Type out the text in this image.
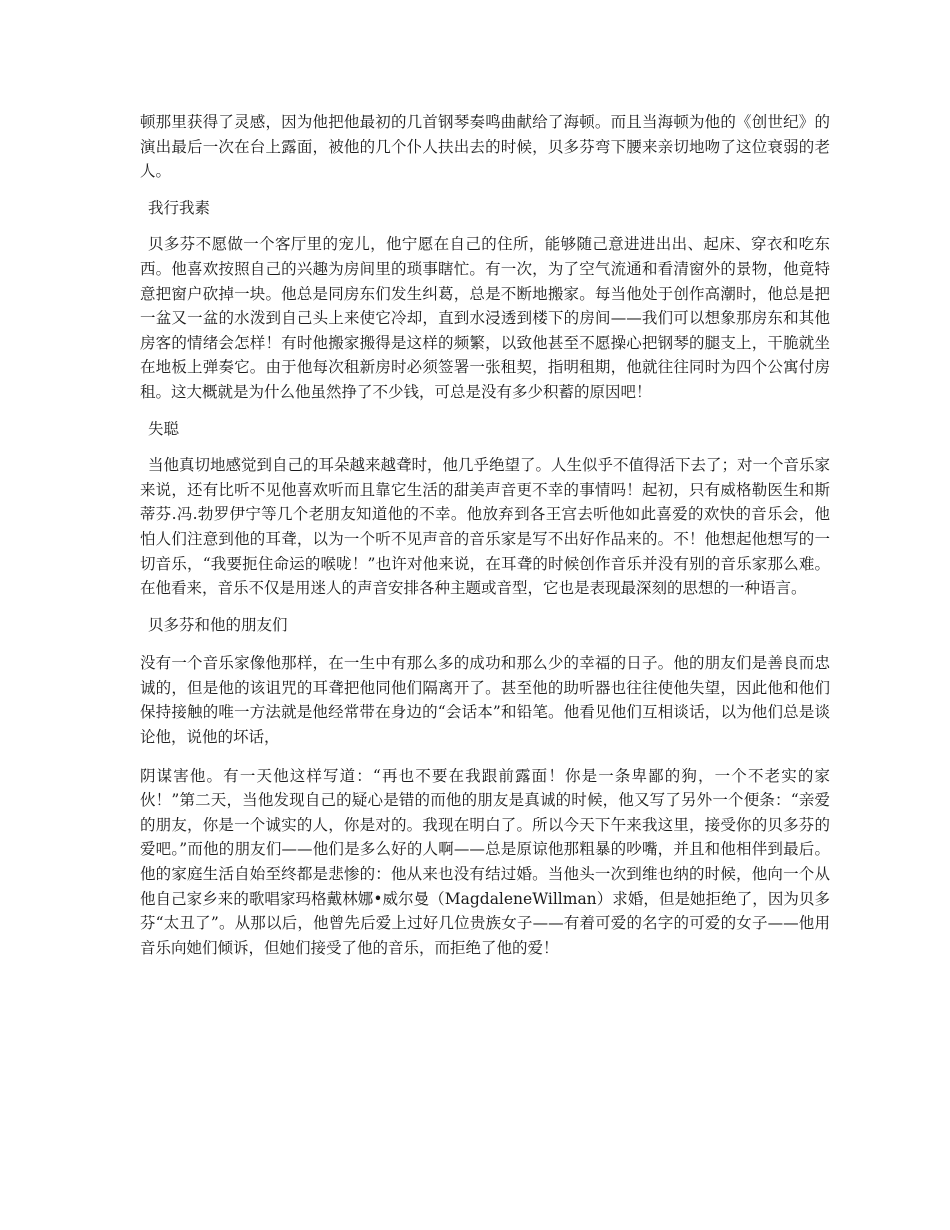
顿那里获得了灵感，因为他把他最初的几首钢琴奏鸣曲献给了海顿。而且当海顿为他的《创世纪》的演出最后一次在台上露面，被他的几个仆人扶出去的时候，贝多芬弯下腰来亲切地吻了这位衰弱的老人。

我行我素

贝多芬不愿做一个客厅里的宠儿，他宁愿在自己的住所，能够随己意进进出出、起床、穿衣和吃东西。他喜欢按照自己的兴趣为房间里的琐事瞎忙。有一次，为了空气流通和看清窗外的景物，他竟特意把窗户砍掉一块。他总是同房东们发生纠葛，总是不断地搬家。每当他处于创作高潮时，他总是把一盆又一盆的水泼到自己头上来使它冷却，直到水浸透到楼下的房间——我们可以想象那房东和其他房客的情绪会怎样！有时他搬家搬得是这样的频繁，以致他甚至不愿操心把钢琴的腿支上，干脆就坐在地板上弹奏它。由于他每次租新房时必须签署一张租契，指明租期，他就往往同时为四个公寓付房租。这大概就是为什么他虽然挣了不少钱，可总是没有多少积蓄的原因吧！

失聪

当他真切地感觉到自己的耳朵越来越聋时，他几乎绝望了。人生似乎不值得活下去了；对一个音乐家来说，还有比听不见他喜欢听而且靠它生活的甜美声音更不幸的事情吗！起初，只有威格勒医生和斯蒂芬.冯.勃罗伊宁等几个老朋友知道他的不幸。他放弃到各王宫去听他如此喜爱的欢快的音乐会，他怕人们注意到他的耳聋，以为一个听不见声音的音乐家是写不出好作品来的。不！他想起他想写的一切音乐，“我要扼住命运的喉咙！”也许对他来说，在耳聋的时候创作音乐并没有别的音乐家那么难。在他看来，音乐不仅是用迷人的声音安排各种主题或音型，它也是表现最深刻的思想的一种语言。

贝多芬和他的朋友们

没有一个音乐家像他那样，在一生中有那么多的成功和那么少的幸福的日子。他的朋友们是善良而忠诚的，但是他的该诅咒的耳聋把他同他们隔离开了。甚至他的助听器也往往使他失望，因此他和他们保持接触的唯一方法就是他经常带在身边的“会话本”和铅笔。他看见他们互相谈话，以为他们总是谈论他，说他的坏话，

阴谋害他。有一天他这样写道：“再也不要在我跟前露面！你是一条卑鄙的狗，一个不老实的家伙！”第二天，当他发现自己的疑心是错的而他的朋友是真诚的时候，他又写了另外一个便条：“亲爱的朋友，你是一个诚实的人，你是对的。我现在明白了。所以今天下午来我这里，接受你的贝多芬的爱吧。”而他的朋友们——他们是多么好的人啊——总是原谅他那粗暴的吵嘴，并且和他相伴到最后。他的家庭生活自始至终都是悲惨的：他从来也没有结过婚。当他头一次到维也纳的时候，他向一个从他自己家乡来的歌唱家玛格戴林娜•威尔曼（MagdaleneWillman）求婚，但是她拒绝了，因为贝多芬“太丑了”。从那以后，他曾先后爱上过好几位贵族女子——有着可爱的名字的可爱的女子——他用音乐向她们倾诉，但她们接受了他的音乐，而拒绝了他的爱！
